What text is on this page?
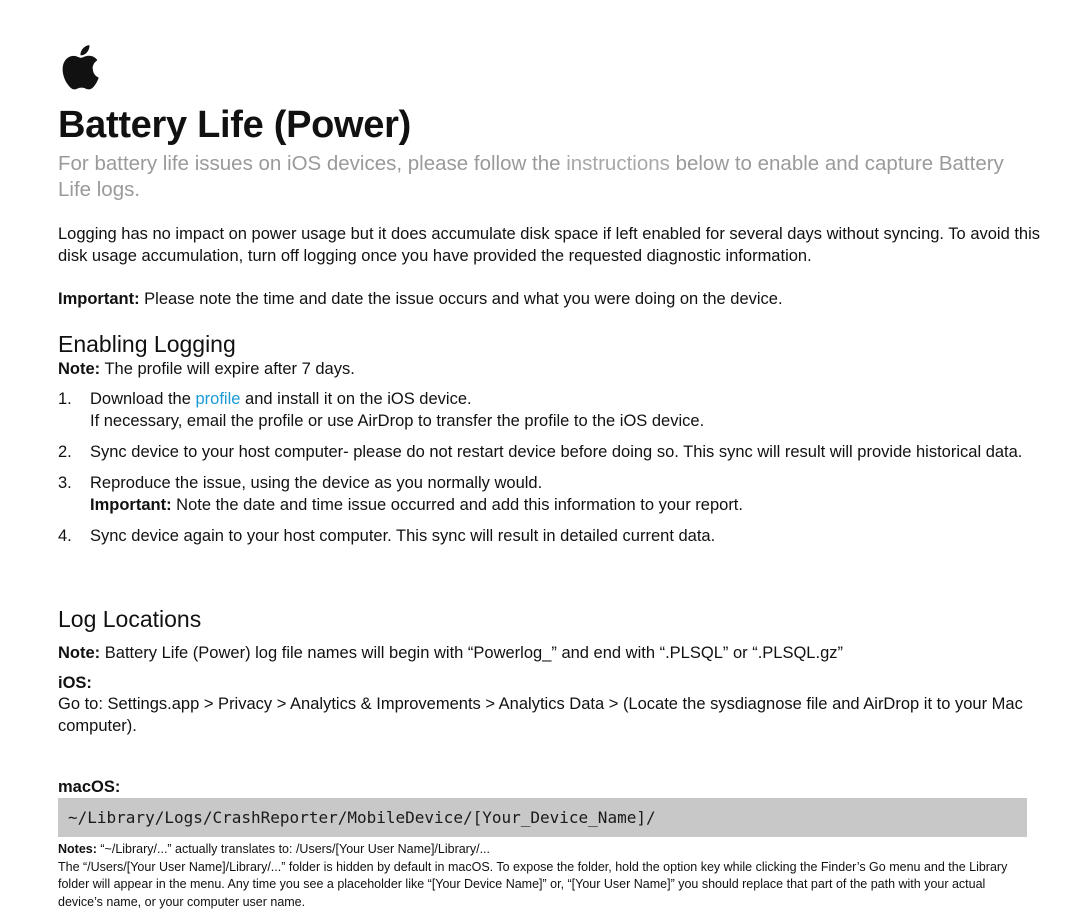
Battery Life (Power)

For battery life issues on iOS devices, please follow the instructions below to enable and capture Battery Life logs.

Logging has no impact on power usage but it does accumulate disk space if left enabled for several days without syncing. To avoid this disk usage accumulation, turn off logging once you have provided the requested diagnostic information.

Important: Please note the time and date the issue occurs and what you were doing on the device.

Enabling Logging

Note: The profile will expire after 7 days.

1. Download the profile and install it on the iOS device.
If necessary, email the profile or use AirDrop to transfer the profile to the iOS device.
2. Sync device to your host computer- please do not restart device before doing so. This sync will result will provide historical data.
3. Reproduce the issue, using the device as you normally would.
Important: Note the date and time issue occurred and add this information to your report.
4. Sync device again to your host computer. This sync will result in detailed current data.
Log Locations

Note: Battery Life (Power) log file names will begin with “Powerlog_” and end with “.PLSQL” or “.PLSQL.gz”

iOS:

Go to: Settings.app > Privacy > Analytics & Improvements > Analytics Data > (Locate the sysdiagnose file and AirDrop it to your Mac computer).

macOS:

~/Library/Logs/CrashReporter/MobileDevice/[Your_Device_Name]/

Notes: “~/Library/...” actually translates to: /Users/[Your User Name]/Library/...
The “/Users/[Your User Name]/Library/...” folder is hidden by default in macOS. To expose the folder, hold the option key while clicking the Finder’s Go menu and the Library folder will appear in the menu. Any time you see a placeholder like “[Your Device Name]” or, “[Your User Name]” you should replace that part of the path with your actual device’s name, or your computer user name.
